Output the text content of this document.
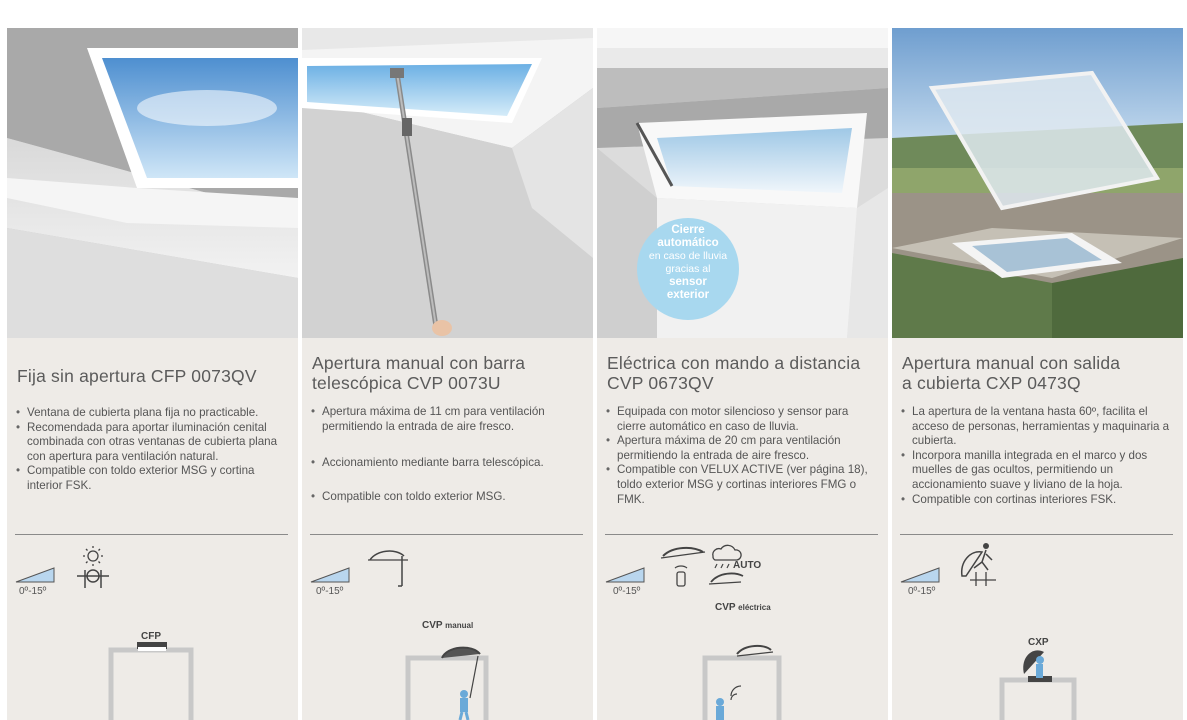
Fija sin apertura CFP 0073QV
• Ventana de cubierta plana fija no practicable.
• Recomendada para aportar iluminación cenital combinada con otras ventanas de cubierta plana con apertura para ventilación natural.
• Compatible con toldo exterior MSG y cortina interior FSK.
0º-15º
CFP
Apertura manual con barra
telescópica CVP 0073U
• Apertura máxima de 11 cm para ventilación permitiendo la entrada de aire fresco.
• Accionamiento mediante barra telescópica.
• Compatible con toldo exterior MSG.
0º-15º
CVP manual
Cierre
automático
en caso de lluvia
gracias al
sensor
exterior
Eléctrica con mando a distancia
CVP 0673QV
• Equipada con motor silencioso y sensor para cierre automático en caso de lluvia.
• Apertura máxima de 20 cm para ventilación permitiendo la entrada de aire fresco.
• Compatible con VELUX ACTIVE (ver página 18), toldo exterior MSG y cortinas interiores FMG o FMK.
0º-15º
AUTO
CVP eléctrica
Apertura manual con salida
a cubierta CXP 0473Q
• La apertura de la ventana hasta 60º, facilita el acceso de personas, herramientas y maquinaria a cubierta.
• Incorpora manilla integrada en el marco y dos muelles de gas ocultos, permitiendo un accionamiento suave y liviano de la hoja.
• Compatible con cortinas interiores FSK.
0º-15º
CXP
